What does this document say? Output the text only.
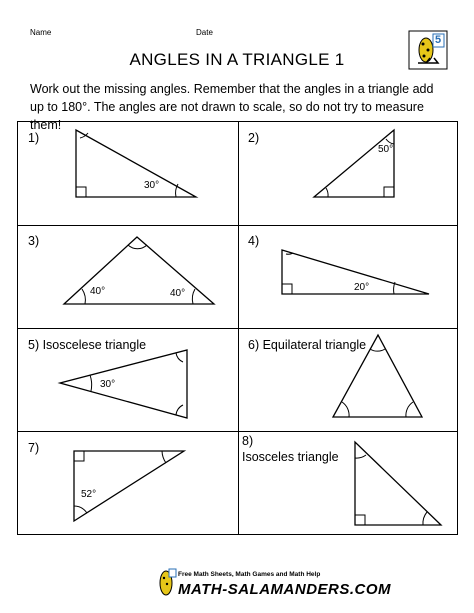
Name	Date
5
ANGLES IN A TRIANGLE 1
Work out the missing angles. Remember that the angles in a triangle add up to 180°. The angles are not drawn to scale, so do not try to measure them!
1)
30°
2)
50°
3)
40°	40°
4)
20°
5) Isoscelese triangle
30°
6) Equilateral triangle
7)
52°
8)
Isosceles triangle
Free Math Sheets, Math Games and Math Help
MATH-SALAMANDERS.COM
